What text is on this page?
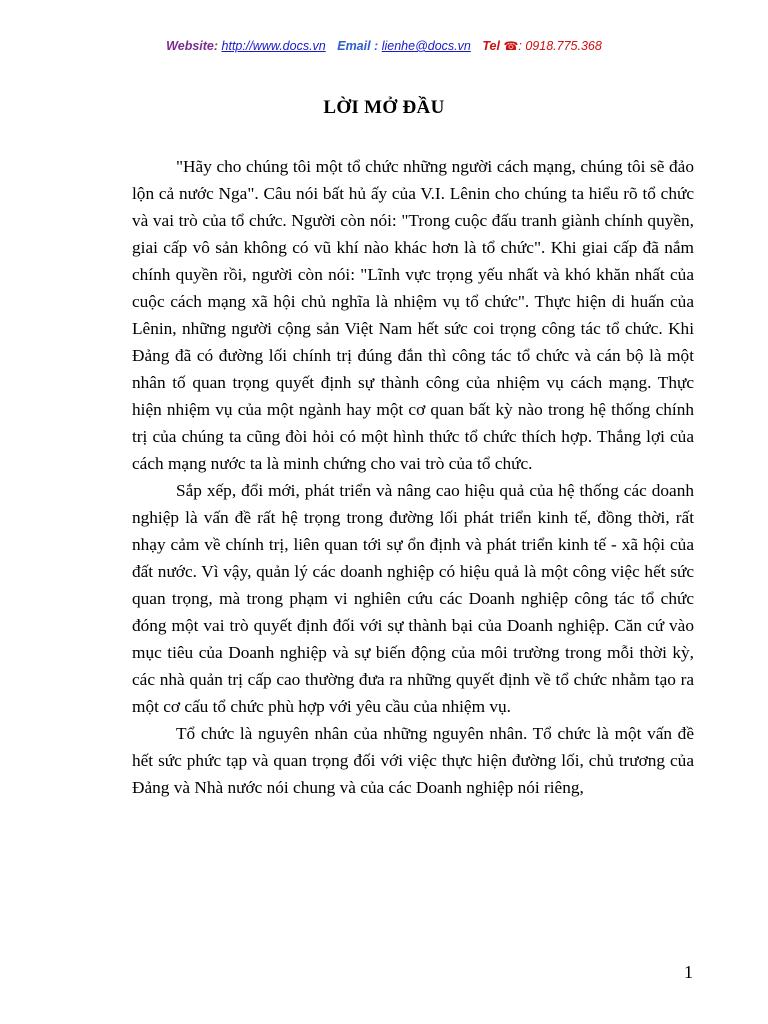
Website: http://www.docs.vn Email : lienhe@docs.vn Tel ☎: 0918.775.368
LỜI MỞ ĐẦU

"Hãy cho chúng tôi một tổ chức những người cách mạng, chúng tôi sẽ đảo lộn cả nước Nga". Câu nói bất hủ ấy của V.I. Lênin cho chúng ta hiểu rõ tổ chức và vai trò của tổ chức. Người còn nói: "Trong cuộc đấu tranh giành chính quyền, giai cấp vô sản không có vũ khí nào khác hơn là tổ chức". Khi giai cấp đã nắm chính quyền rồi, người còn nói: "Lĩnh vực trọng yếu nhất và khó khăn nhất của cuộc cách mạng xã hội chủ nghĩa là nhiệm vụ tổ chức". Thực hiện di huấn của Lênin, những người cộng sản Việt Nam hết sức coi trọng công tác tổ chức. Khi Đảng đã có đường lối chính trị đúng đắn thì công tác tổ chức và cán bộ là một nhân tố quan trọng quyết định sự thành công của nhiệm vụ cách mạng. Thực hiện nhiệm vụ của một ngành hay một cơ quan bất kỳ nào trong hệ thống chính trị của chúng ta cũng đòi hỏi có một hình thức tổ chức thích hợp. Thắng lợi của cách mạng nước ta là minh chứng cho vai trò của tổ chức.

Sắp xếp, đổi mới, phát triển và nâng cao hiệu quả của hệ thống các doanh nghiệp là vấn đề rất hệ trọng trong đường lối phát triển kinh tế, đồng thời, rất nhạy cảm về chính trị, liên quan tới sự ổn định và phát triển kinh tế - xã hội của đất nước. Vì vậy, quản lý các doanh nghiệp có hiệu quả là một công việc hết sức quan trọng, mà trong phạm vi nghiên cứu các Doanh nghiệp công tác tổ chức đóng một vai trò quyết định đối với sự thành bại của Doanh nghiệp. Căn cứ vào mục tiêu của Doanh nghiệp và sự biến động của môi trường trong mỗi thời kỳ, các nhà quản trị cấp cao thường đưa ra những quyết định về tổ chức nhằm tạo ra một cơ cấu tổ chức phù hợp với yêu cầu của nhiệm vụ.

Tổ chức là nguyên nhân của những nguyên nhân. Tổ chức là một vấn đề hết sức phức tạp và quan trọng đối với việc thực hiện đường lối, chủ trương của Đảng và Nhà nước nói chung và của các Doanh nghiệp nói riêng,

1
